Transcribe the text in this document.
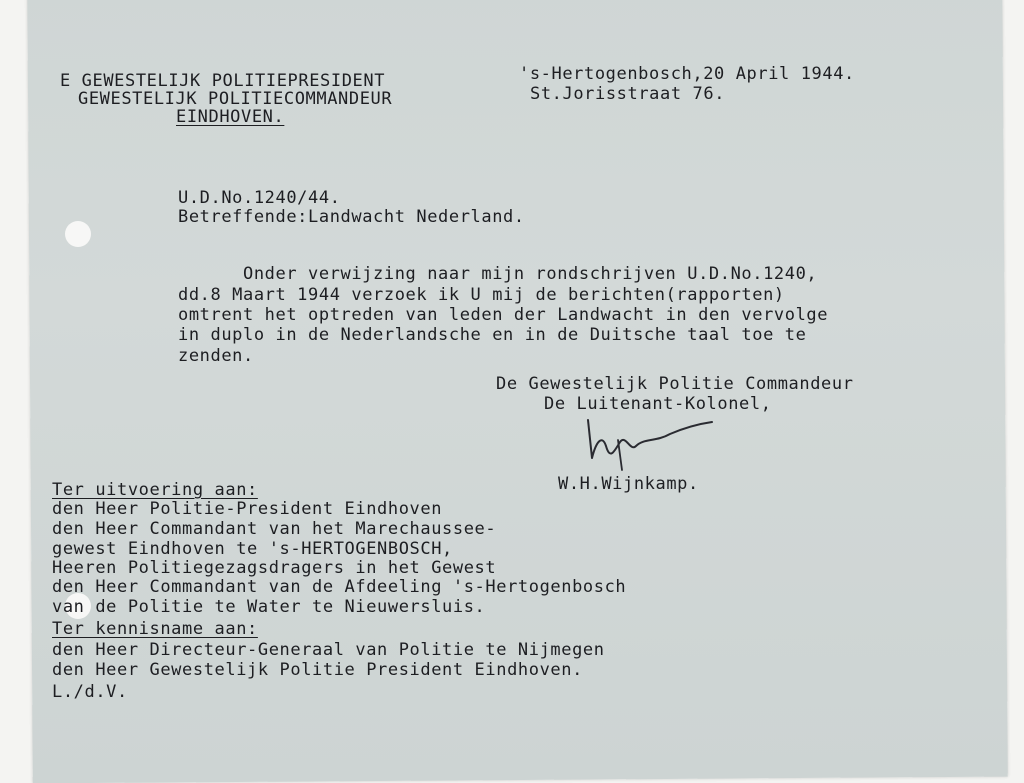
E GEWESTELIJK POLITIEPRESIDENT
GEWESTELIJK POLITIECOMMANDEUR
EINDHOVEN.
's-Hertogenbosch,20 April 1944.
St.Jorisstraat 76.
U.D.No.1240/44.
Betreffende:Landwacht Nederland.
Onder verwijzing naar mijn rondschrijven U.D.No.1240,
dd.8 Maart 1944 verzoek ik U mij de berichten(rapporten)
omtrent het optreden van leden der Landwacht in den vervolge
in duplo in de Nederlandsche en in de Duitsche taal toe te
zenden.
De Gewestelijk Politie Commandeur
De Luitenant-Kolonel,
W.H.Wijnkamp.
Ter uitvoering aan:
den Heer Politie-President Eindhoven
den Heer Commandant van het Marechaussee-
gewest Eindhoven te 's-HERTOGENBOSCH,
Heeren Politiegezagsdragers in het Gewest
den Heer Commandant van de Afdeeling 's-Hertogenbosch
van de Politie te Water te Nieuwersluis.
Ter kennisname aan:
den Heer Directeur-Generaal van Politie te Nijmegen
den Heer Gewestelijk Politie President Eindhoven.
L./d.V.
